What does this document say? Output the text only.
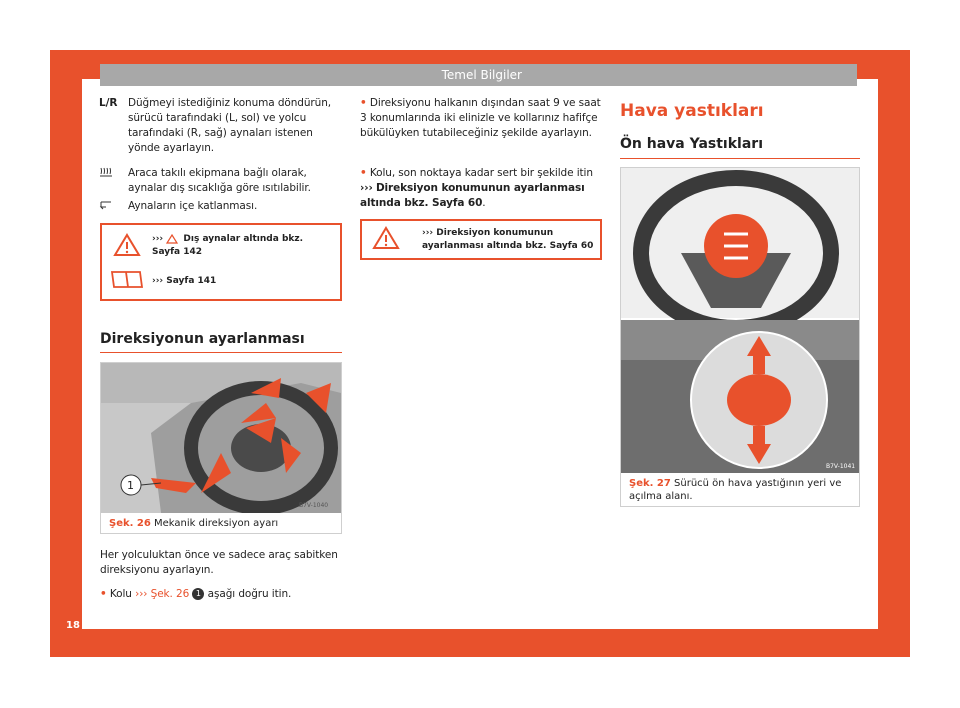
Temel Bilgiler
18
L/R Düğmeyi istediğiniz konuma döndürün, sürücü tarafındaki (L, sol) ve yolcu tarafındaki (R, sağ) aynaları istenen yönde ayarlayın.
Araca takılı ekipmana bağlı olarak, aynalar dış sıcaklığa göre ısıtılabilir.
Aynaların içe katlanması.
››› Dış aynalar altında bkz. Sayfa 142
››› Sayfa 141
Direksiyonun ayarlanması
1
B7V-1040
Şek. 26 Mekanik direksiyon ayarı
Her yolculuktan önce ve sadece araç sabitken direksiyonu ayarlayın.
• Kolu ››› Şek. 26 1 aşağı doğru itin.
• Direksiyonu halkanın dışından saat 9 ve saat 3 konumlarında iki elinizle ve kollarınız hafifçe bükülüyken tutabileceğiniz şekilde ayarlayın.
• Kolu, son noktaya kadar sert bir şekilde itin ››› Direksiyon konumunun ayarlanması altında bkz. Sayfa 60.
››› Direksiyon konumunun ayarlanması altında bkz. Sayfa 60
Hava yastıkları
Ön hava Yastıkları
B7V-1041
Şek. 27 Sürücü ön hava yastığının yeri ve açılma alanı.
